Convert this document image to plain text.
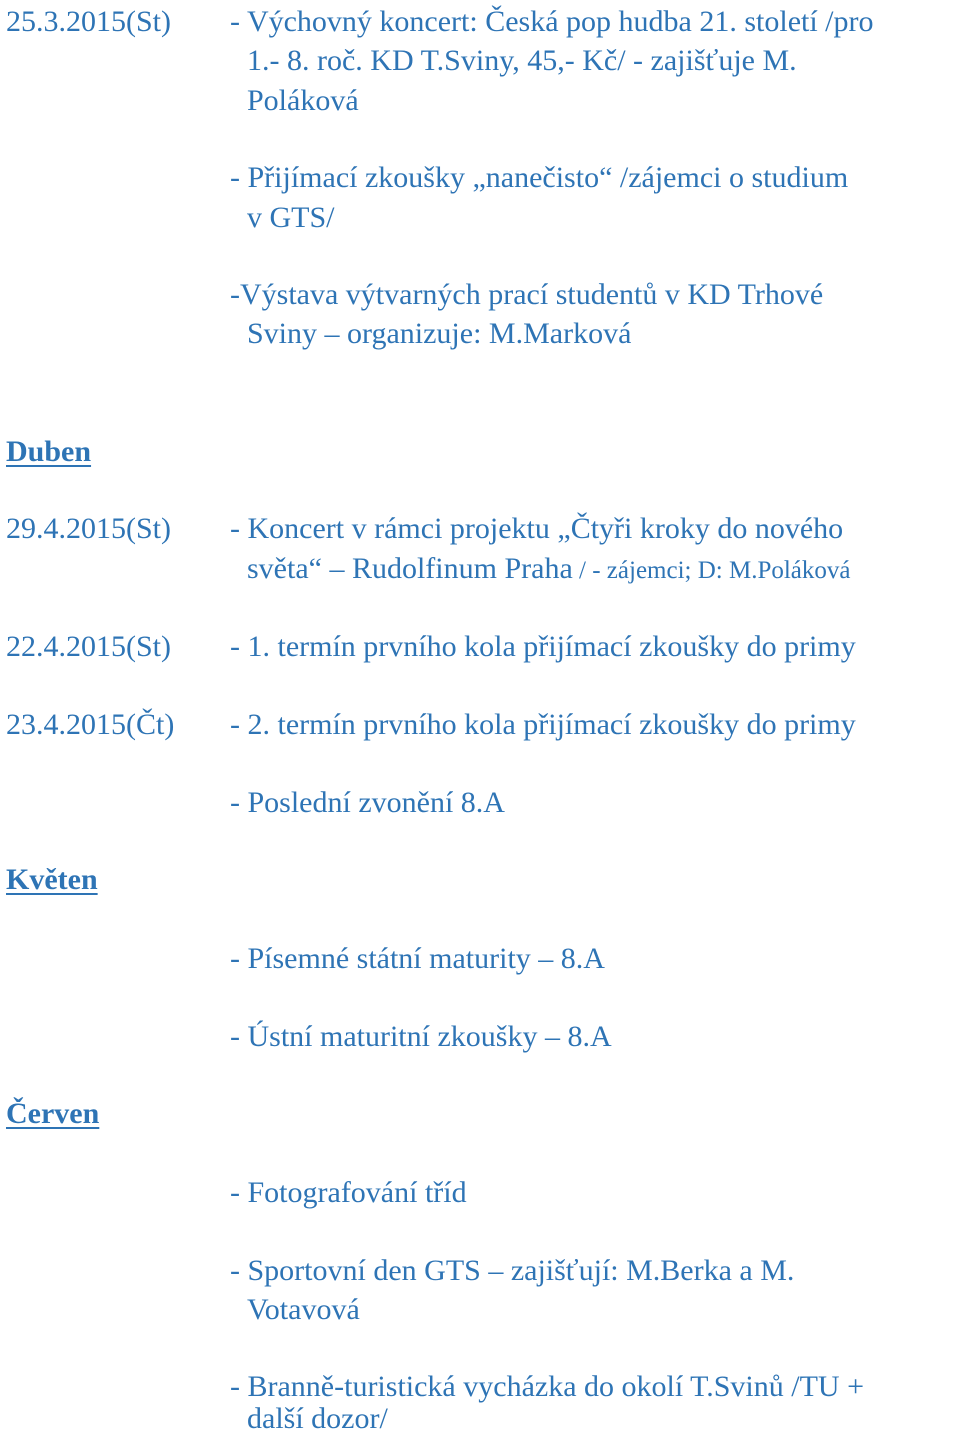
25.3.2015(St) - Výchovný koncert: Česká pop hudba 21. století /pro
1.- 8. roč. KD T.Sviny, 45,- Kč/ - zajišťuje M.
Poláková
- Přijímací zkoušky „nanečisto“ /zájemci o studium
v GTS/
-Výstava výtvarných prací studentů v KD Trhové
Sviny – organizuje: M.Marková
Duben
29.4.2015(St) - Koncert v rámci projektu „Čtyři kroky do nového
světa“ – Rudolfinum Praha / - zájemci; D: M.Poláková
22.4.2015(St) - 1. termín prvního kola přijímací zkoušky do primy
23.4.2015(Čt) - 2. termín prvního kola přijímací zkoušky do primy
- Poslední zvonění 8.A
Květen
- Písemné státní maturity – 8.A
- Ústní maturitní zkoušky – 8.A
Červen
- Fotografování tříd
- Sportovní den GTS – zajišťují: M.Berka a M.
Votavová
- Branně-turistická vycházka do okolí T.Svinů /TU +
další dozor/
